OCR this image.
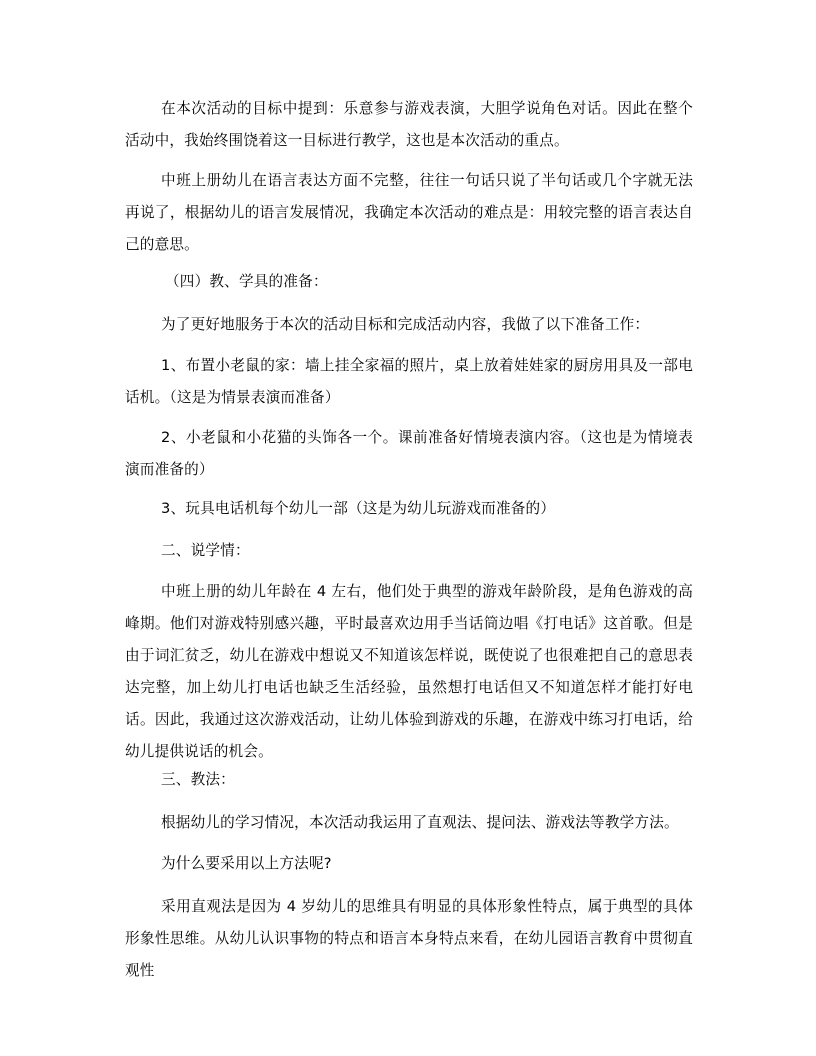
在本次活动的目标中提到：乐意参与游戏表演，大胆学说角色对话。因此在整个活动中，我始终围饶着这一目标进行教学，这也是本次活动的重点。

中班上册幼儿在语言表达方面不完整，往往一句话只说了半句话或几个字就无法再说了，根据幼儿的语言发展情况，我确定本次活动的难点是：用较完整的语言表达自己的意思。

（四）教、学具的准备：

为了更好地服务于本次的活动目标和完成活动内容，我做了以下准备工作：

1、布置小老鼠的家：墙上挂全家福的照片，桌上放着娃娃家的厨房用具及一部电话机。（这是为情景表演而准备）

2、小老鼠和小花猫的头饰各一个。课前准备好情境表演内容。（这也是为情境表演而准备的）

3、玩具电话机每个幼儿一部（这是为幼儿玩游戏而准备的）

二、说学情：

中班上册的幼儿年龄在 4 左右，他们处于典型的游戏年龄阶段，是角色游戏的高峰期。他们对游戏特别感兴趣，平时最喜欢边用手当话筒边唱《打电话》这首歌。但是由于词汇贫乏，幼儿在游戏中想说又不知道该怎样说，既使说了也很难把自己的意思表达完整，加上幼儿打电话也缺乏生活经验，虽然想打电话但又不知道怎样才能打好电话。因此，我通过这次游戏活动，让幼儿体验到游戏的乐趣，在游戏中练习打电话，给幼儿提供说话的机会。

三、教法：

根据幼儿的学习情况，本次活动我运用了直观法、提问法、游戏法等教学方法。

为什么要采用以上方法呢?

采用直观法是因为 4 岁幼儿的思维具有明显的具体形象性特点，属于典型的具体形象性思维。从幼儿认识事物的特点和语言本身特点来看，在幼儿园语言教育中贯彻直观性
